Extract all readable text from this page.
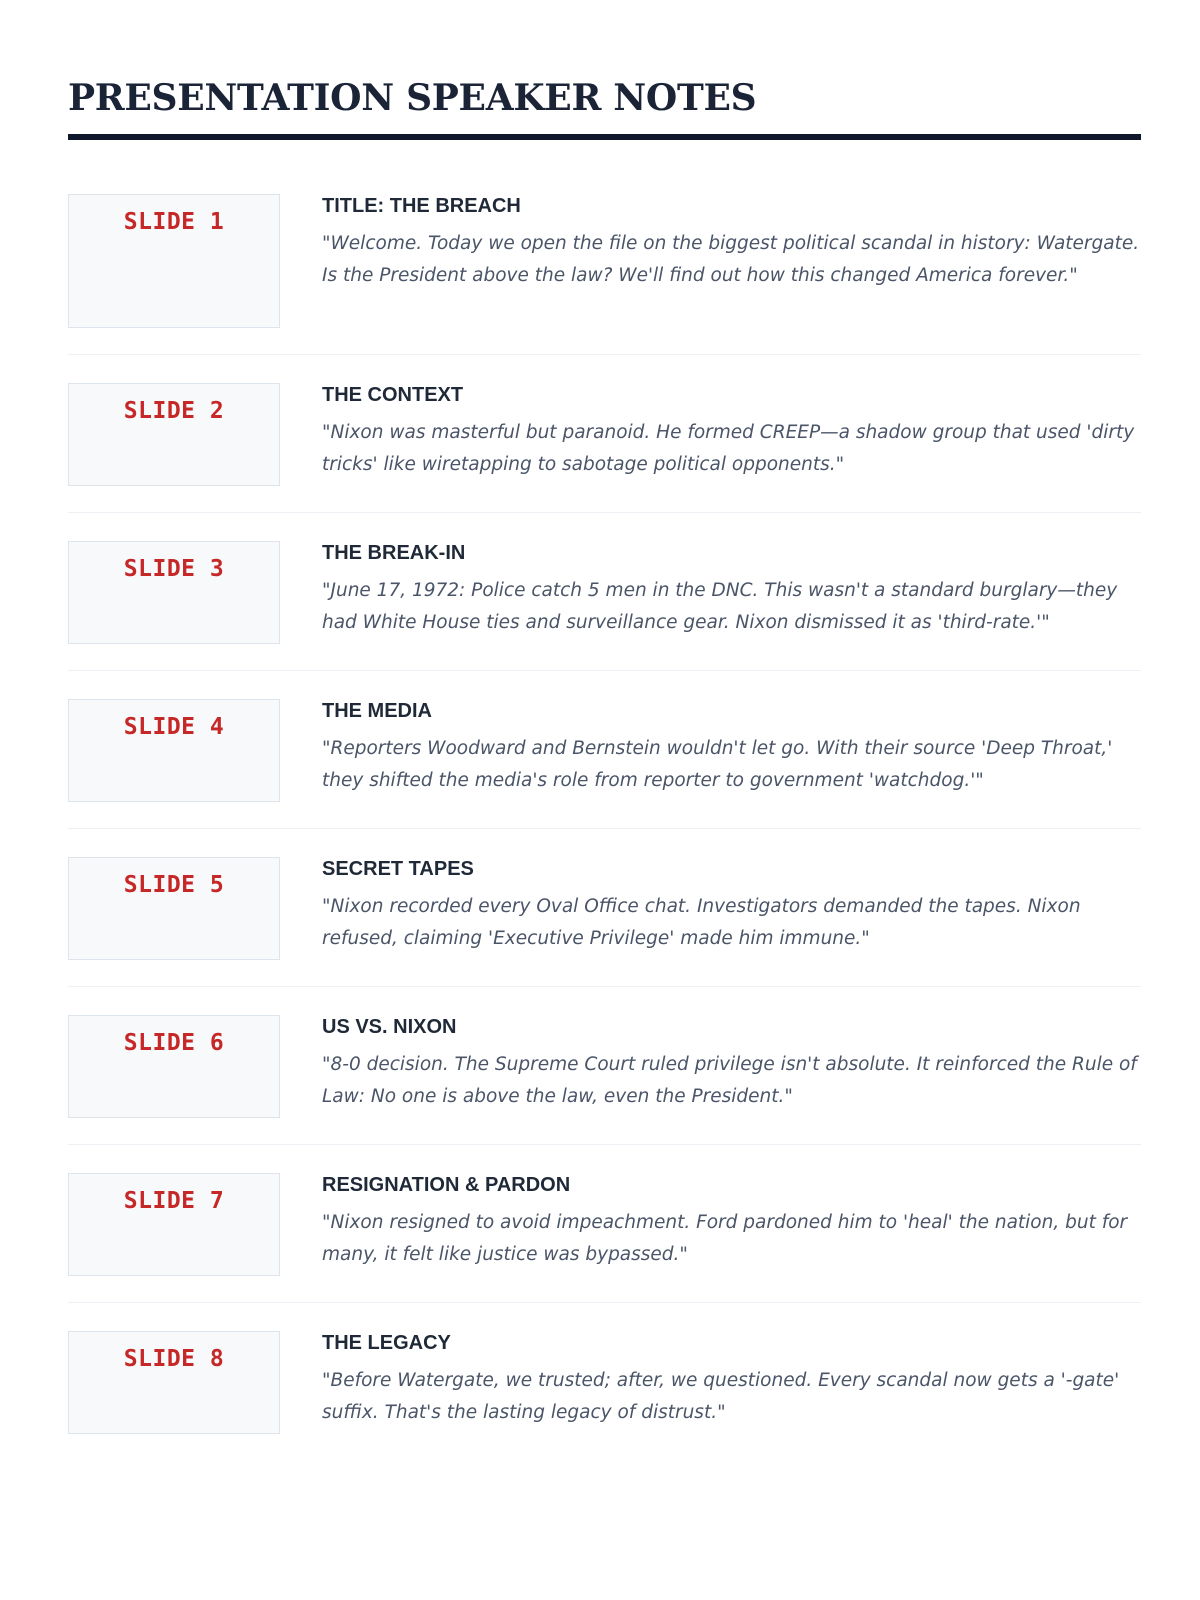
PRESENTATION SPEAKER NOTES
SLIDE 1
TITLE: THE BREACH

"Welcome. Today we open the file on the biggest political scandal in history: Watergate. Is the President above the law? We'll find out how this changed America forever."

SLIDE 2
THE CONTEXT

"Nixon was masterful but paranoid. He formed CREEP—a shadow group that used 'dirty tricks' like wiretapping to sabotage political opponents."

SLIDE 3
THE BREAK-IN

"June 17, 1972: Police catch 5 men in the DNC. This wasn't a standard burglary—they had White House ties and surveillance gear. Nixon dismissed it as 'third-rate.'"

SLIDE 4
THE MEDIA

"Reporters Woodward and Bernstein wouldn't let go. With their source 'Deep Throat,' they shifted the media's role from reporter to government 'watchdog.'"

SLIDE 5
SECRET TAPES

"Nixon recorded every Oval Office chat. Investigators demanded the tapes. Nixon refused, claiming 'Executive Privilege' made him immune."

SLIDE 6
US VS. NIXON

"8-0 decision. The Supreme Court ruled privilege isn't absolute. It reinforced the Rule of Law: No one is above the law, even the President."

SLIDE 7
RESIGNATION & PARDON

"Nixon resigned to avoid impeachment. Ford pardoned him to 'heal' the nation, but for many, it felt like justice was bypassed."

SLIDE 8
THE LEGACY

"Before Watergate, we trusted; after, we questioned. Every scandal now gets a '-gate' suffix. That's the lasting legacy of distrust."
